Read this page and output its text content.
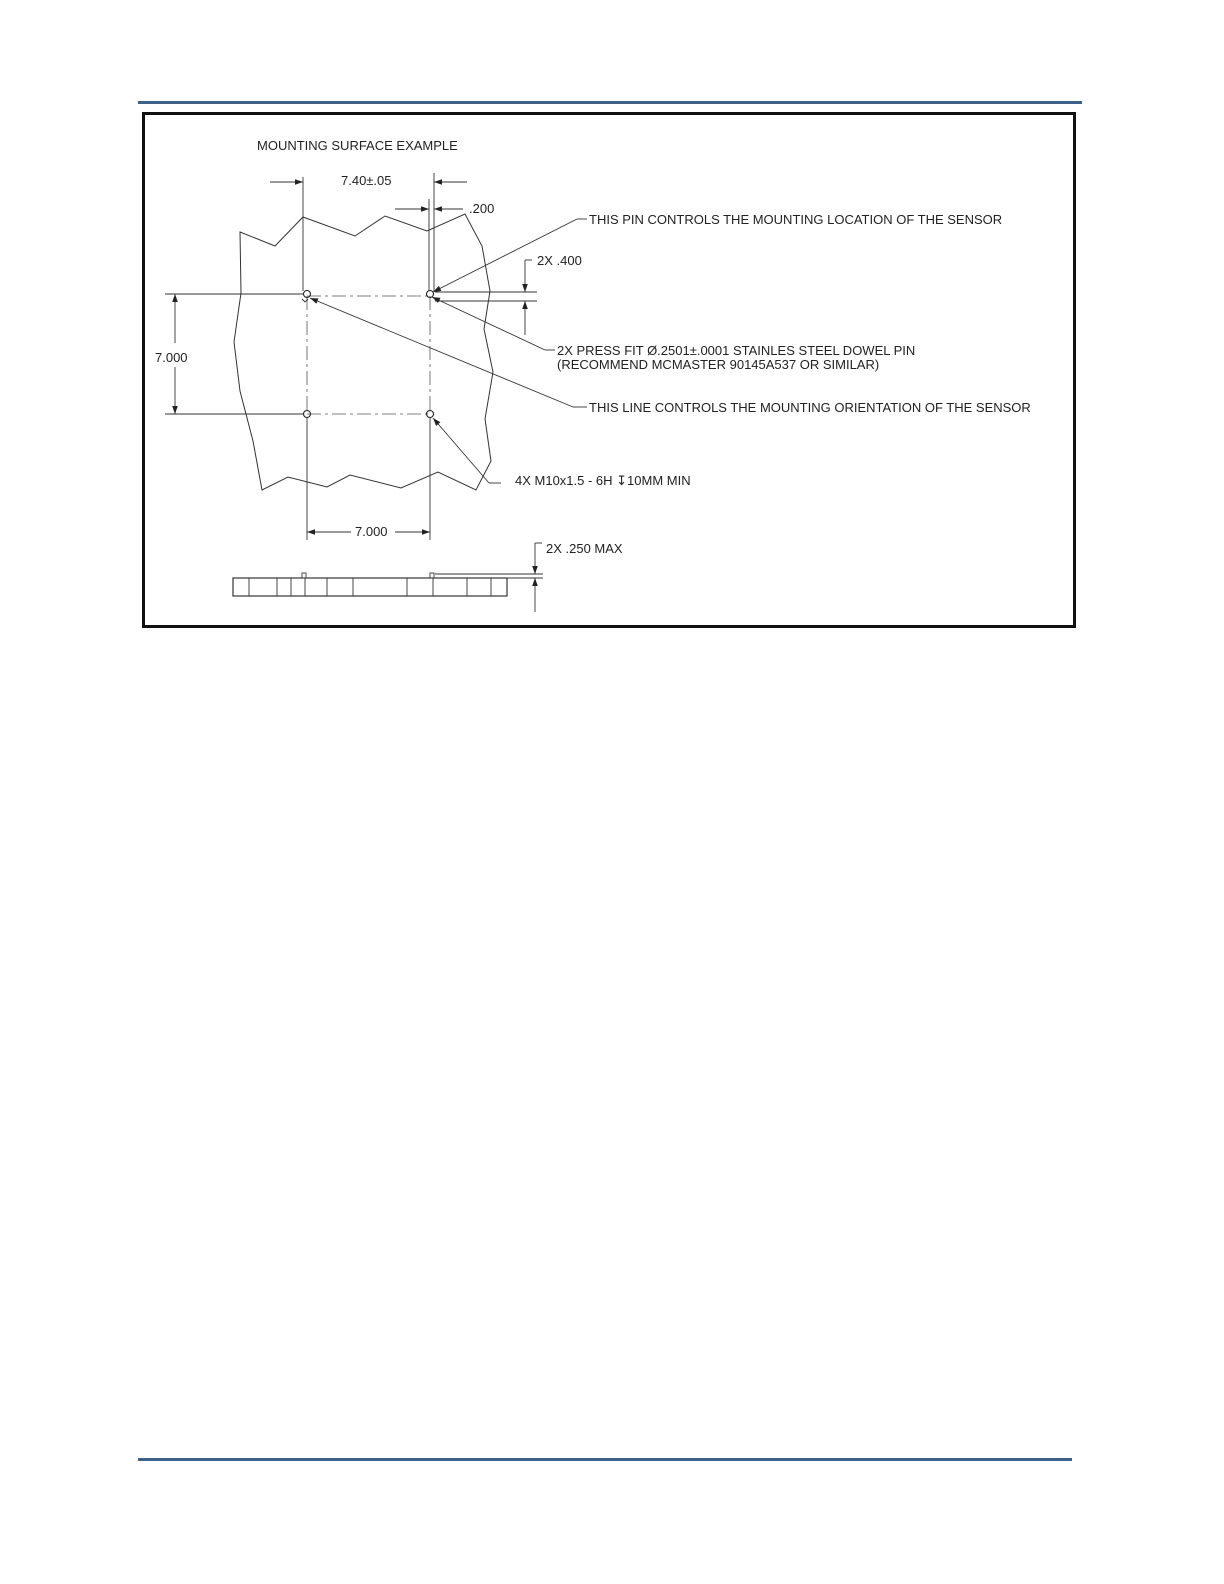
MOUNTING SURFACE EXAMPLE
7.40±.05
.200
2X .400
7.000
7.000
THIS PIN CONTROLS THE MOUNTING LOCATION OF THE SENSOR
2X PRESS FIT Ø.2501±.0001 STAINLES STEEL DOWEL PIN
(RECOMMEND MCMASTER 90145A537 OR SIMILAR)
THIS LINE CONTROLS THE MOUNTING ORIENTATION OF THE SENSOR
4X M10x1.5 - 6H ↧10MM MIN
2X .250 MAX
